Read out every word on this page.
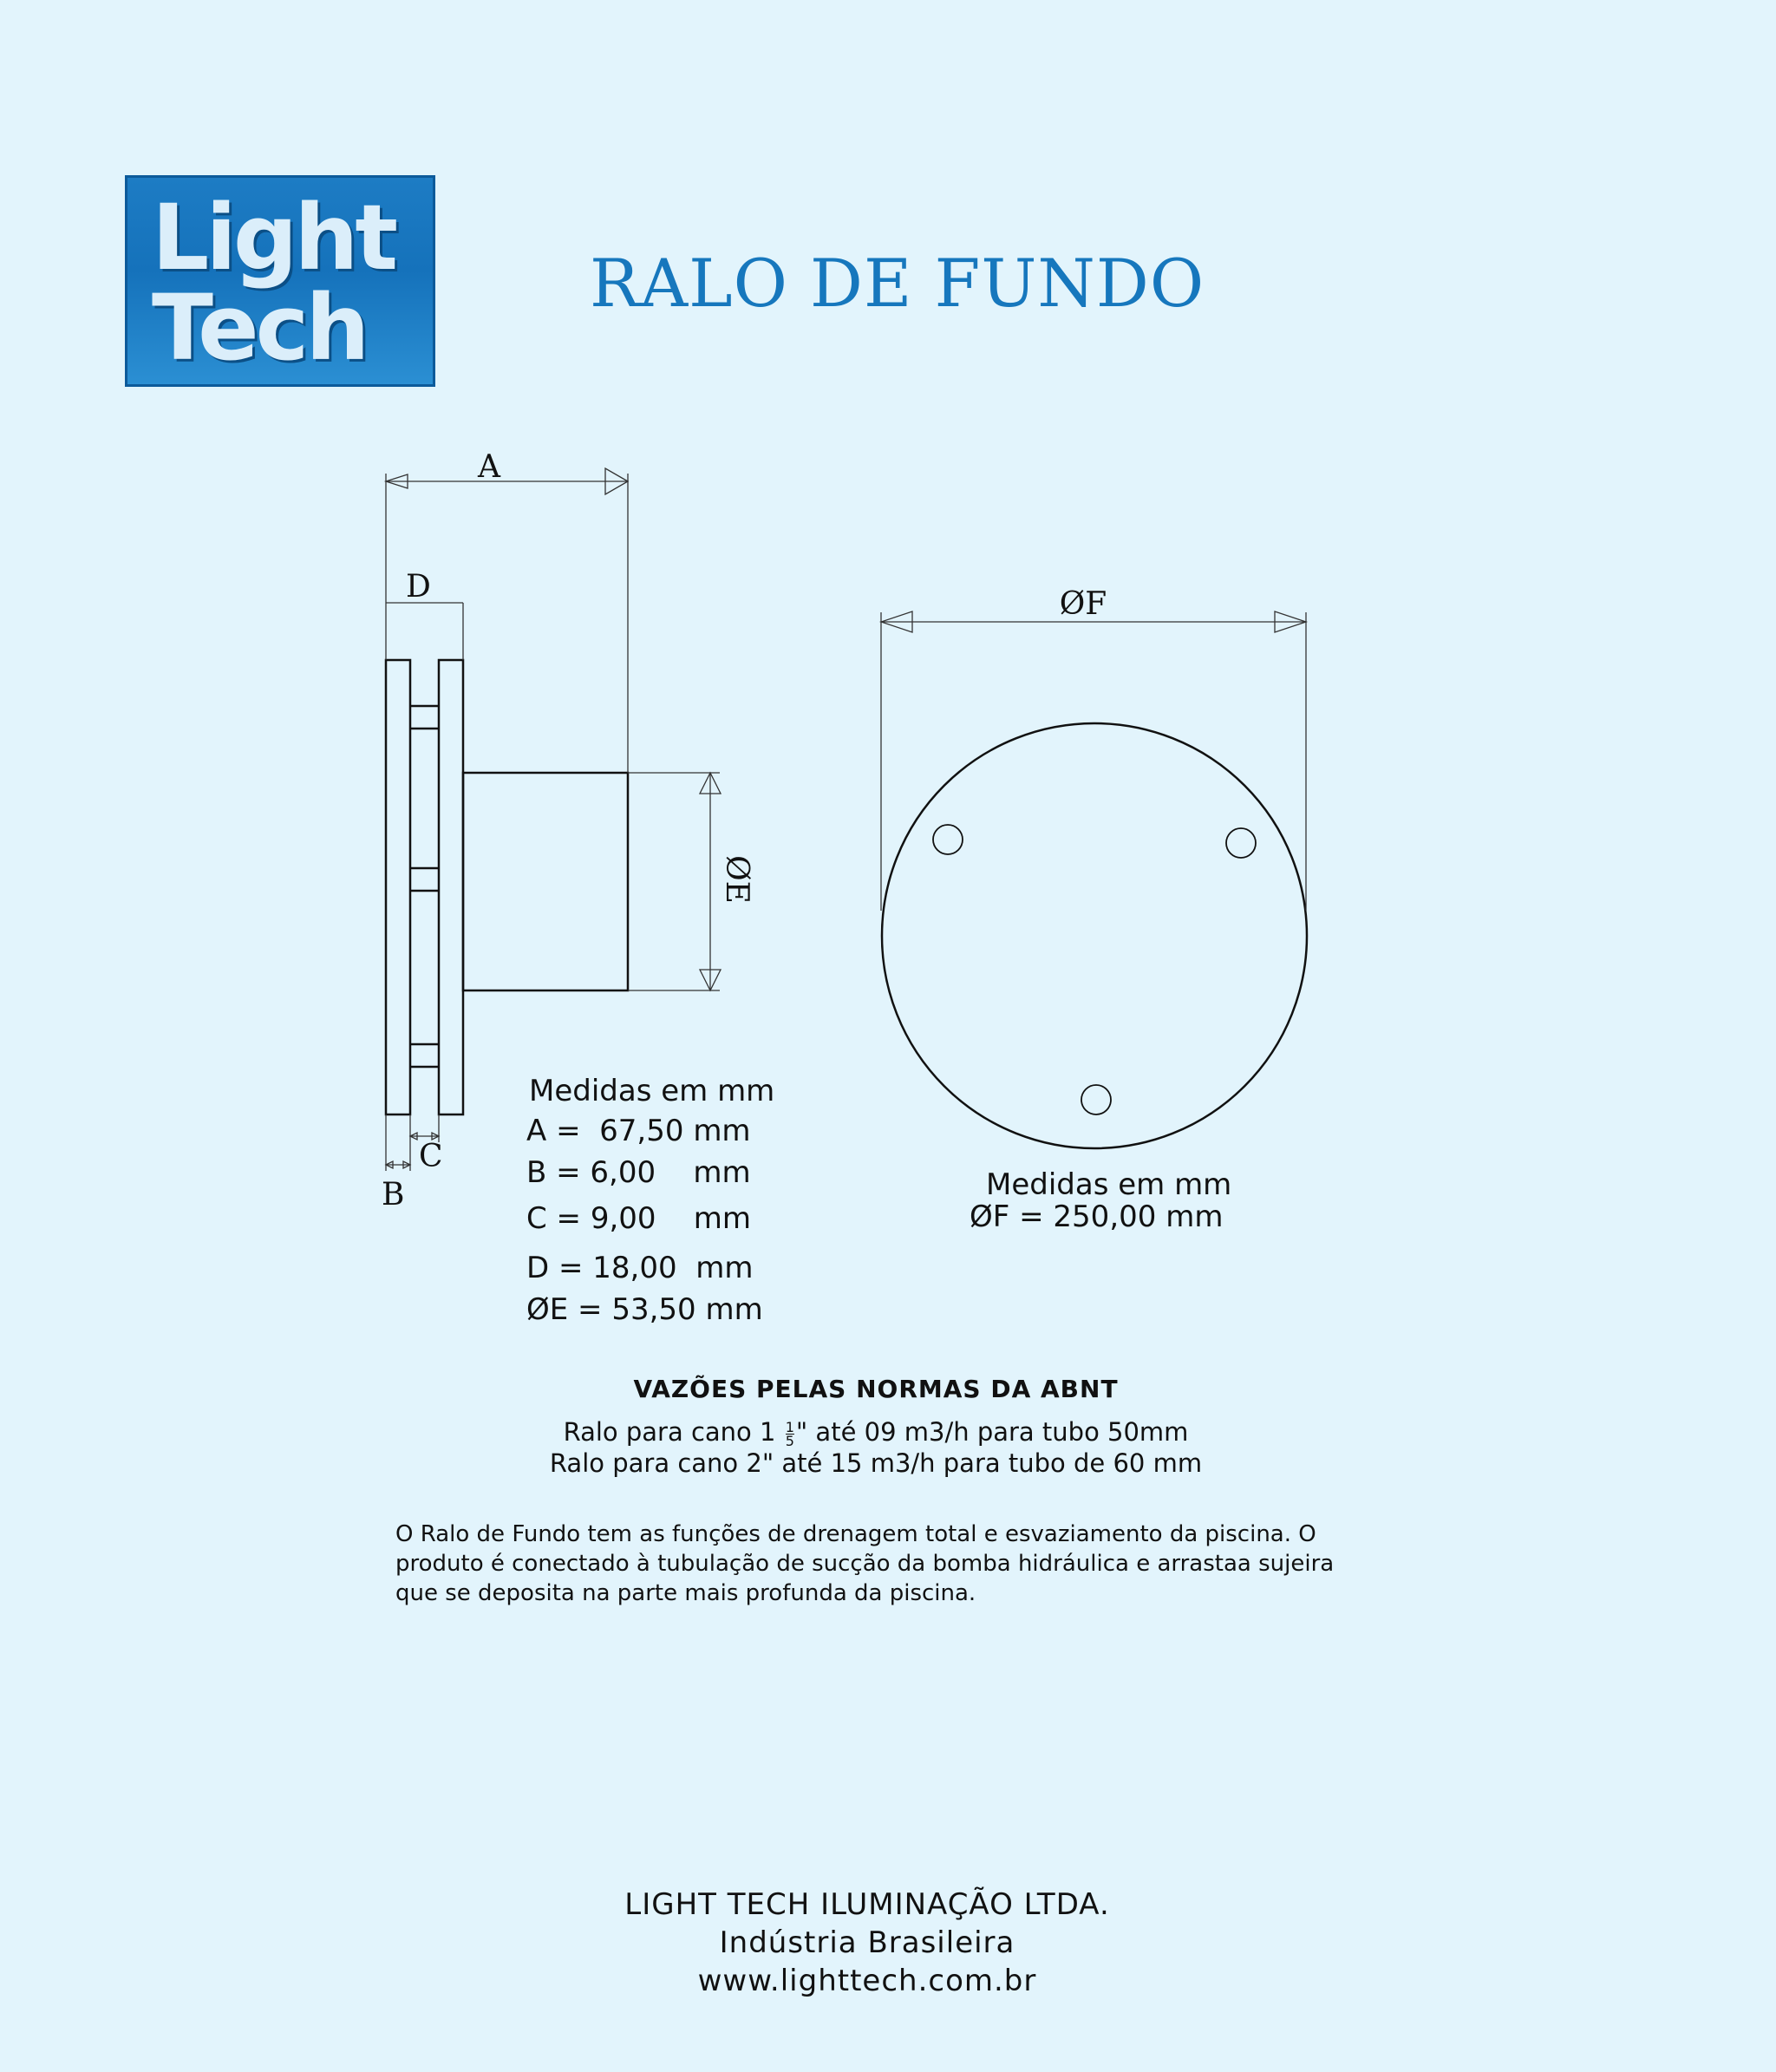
Light
Tech	RALO DE FUNDO
A
D
B
C
ØE
ØF
Medidas em mm
A =  67,50 mm
B = 6,00    mm
C = 9,00    mm
D = 18,00  mm
ØE = 53,50 mm
Medidas em mm
ØF = 250,00 mm
VAZÕES PELAS NORMAS DA ABNT
Ralo para cano $1 \frac{1}{5}$ " até 09 m3/h para tubo 50mm
Ralo para cano 2" até 15 m3/h para tubo de 60 mm
O Ralo de Fundo tem as funções de drenagem total e esvaziamento da piscina. O produto é conectado à tubulação de sucção da bomba hidráulica e arrastaa sujeira que se deposita na parte mais profunda da piscina.
LIGHT TECH ILUMINAÇÃO LTDA.
Indústria Brasileira
www.lighttech.com.br
